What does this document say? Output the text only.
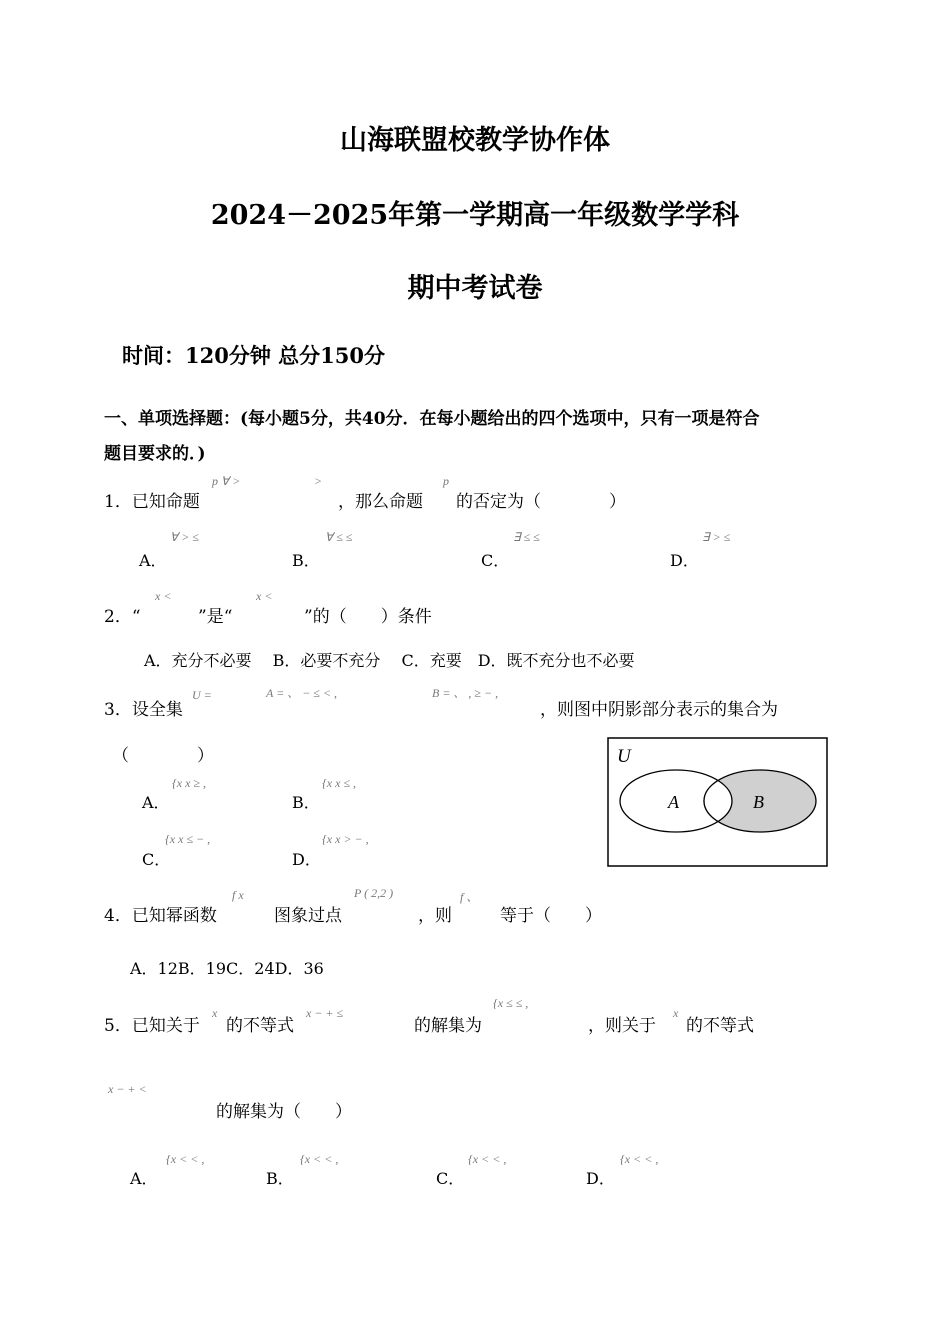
山海联盟校教学协作体
2024－2025年第一学期高一年级数学学科
期中考试卷
时间：120分钟 总分150分
一、单项选择题：(每小题5分，共40分．在每小题给出的四个选项中，只有一项是符合
题目要求的．)
1．已知命题
p ∀ >	>
，那么命题
p
的否定为（　　　　）
A．
∀ > ≤
B．
∀ ≤ ≤
C．
∃ ≤ ≤
D．
∃ > ≤
2．“
x <
”是“
x <
”的（　　）条件
A．充分不必要　 B．必要不充分　 C．充要　D．既不充分也不必要
3．设全集
U =	A = 、 − ≤ < ,	B = 、 , ≥ − ,
，则图中阴影部分表示的集合为
（　　　　）
A．
{x x ≥ ,
B．
{x x ≤ ,
C．
{x x ≤ − ,
D．
{x x > − ,
U
A	B
4．已知幂函数
f x
图象过点
P ( 2,2 )
，则
f 、
等于（　　）
A．12B．19C．24D．36
5．已知关于
x
的不等式
x − + ≤
的解集为
{x ≤ ≤ ,
，则关于
x
的不等式
x − + <
的解集为（　　）
A．
{x < < ,
B．
{x < < ,
C．
{x < < ,
D．
{x < < ,
